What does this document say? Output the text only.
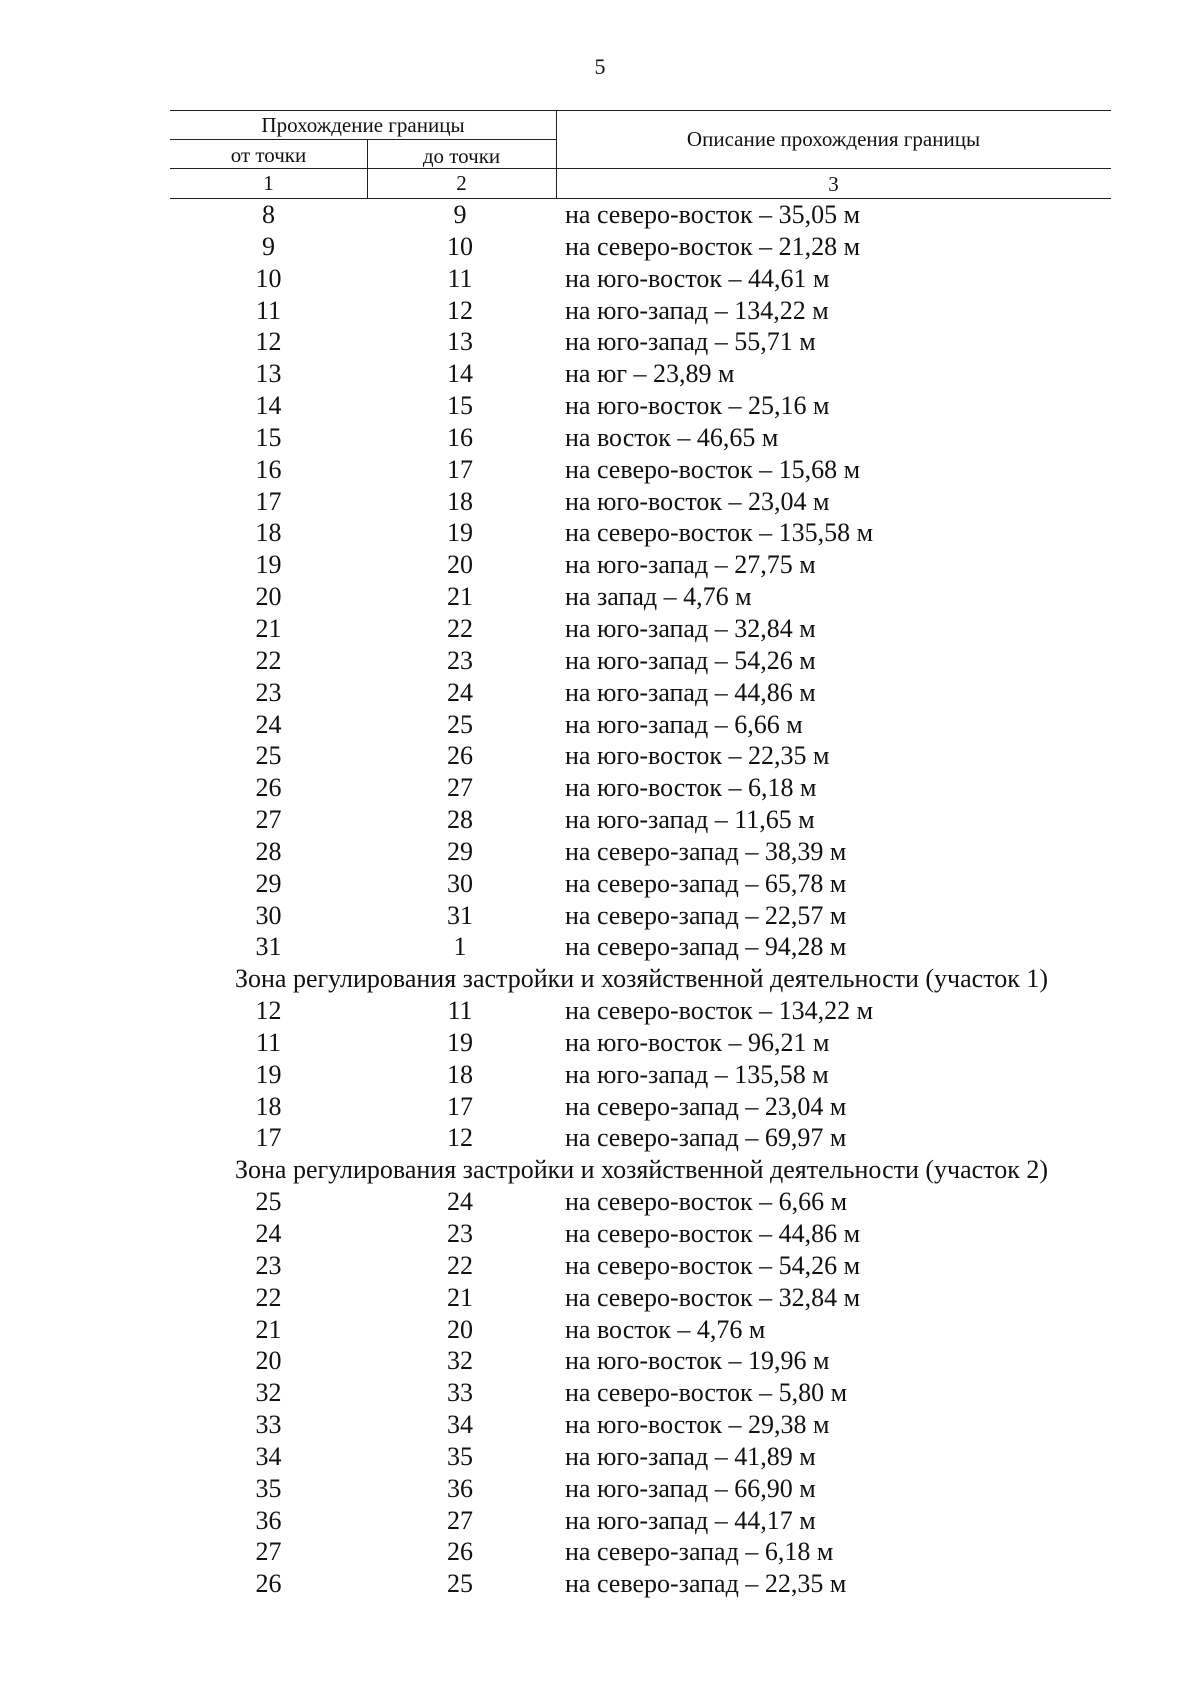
5
Прохождение границы
от точки	до точки
Описание прохождения границы
1	2	3
8	9	на северо-восток – 35,05 м
9	10	на северо-восток – 21,28 м
10	11	на юго-восток – 44,61 м
11	12	на юго-запад – 134,22 м
12	13	на юго-запад – 55,71 м
13	14	на юг – 23,89 м
14	15	на юго-восток – 25,16 м
15	16	на восток – 46,65 м
16	17	на северо-восток – 15,68 м
17	18	на юго-восток – 23,04 м
18	19	на северо-восток – 135,58 м
19	20	на юго-запад – 27,75 м
20	21	на запад – 4,76 м
21	22	на юго-запад – 32,84 м
22	23	на юго-запад – 54,26 м
23	24	на юго-запад – 44,86 м
24	25	на юго-запад – 6,66 м
25	26	на юго-восток – 22,35 м
26	27	на юго-восток – 6,18 м
27	28	на юго-запад – 11,65 м
28	29	на северо-запад – 38,39 м
29	30	на северо-запад – 65,78 м
30	31	на северо-запад – 22,57 м
31	1	на северо-запад – 94,28 м
Зона регулирования застройки и хозяйственной деятельности (участок 1)
12	11	на северо-восток – 134,22 м
11	19	на юго-восток – 96,21 м
19	18	на юго-запад – 135,58 м
18	17	на северо-запад – 23,04 м
17	12	на северо-запад – 69,97 м
Зона регулирования застройки и хозяйственной деятельности (участок 2)
25	24	на северо-восток – 6,66 м
24	23	на северо-восток – 44,86 м
23	22	на северо-восток – 54,26 м
22	21	на северо-восток – 32,84 м
21	20	на восток – 4,76 м
20	32	на юго-восток – 19,96 м
32	33	на северо-восток – 5,80 м
33	34	на юго-восток – 29,38 м
34	35	на юго-запад – 41,89 м
35	36	на юго-запад – 66,90 м
36	27	на юго-запад – 44,17 м
27	26	на северо-запад – 6,18 м
26	25	на северо-запад – 22,35 м
